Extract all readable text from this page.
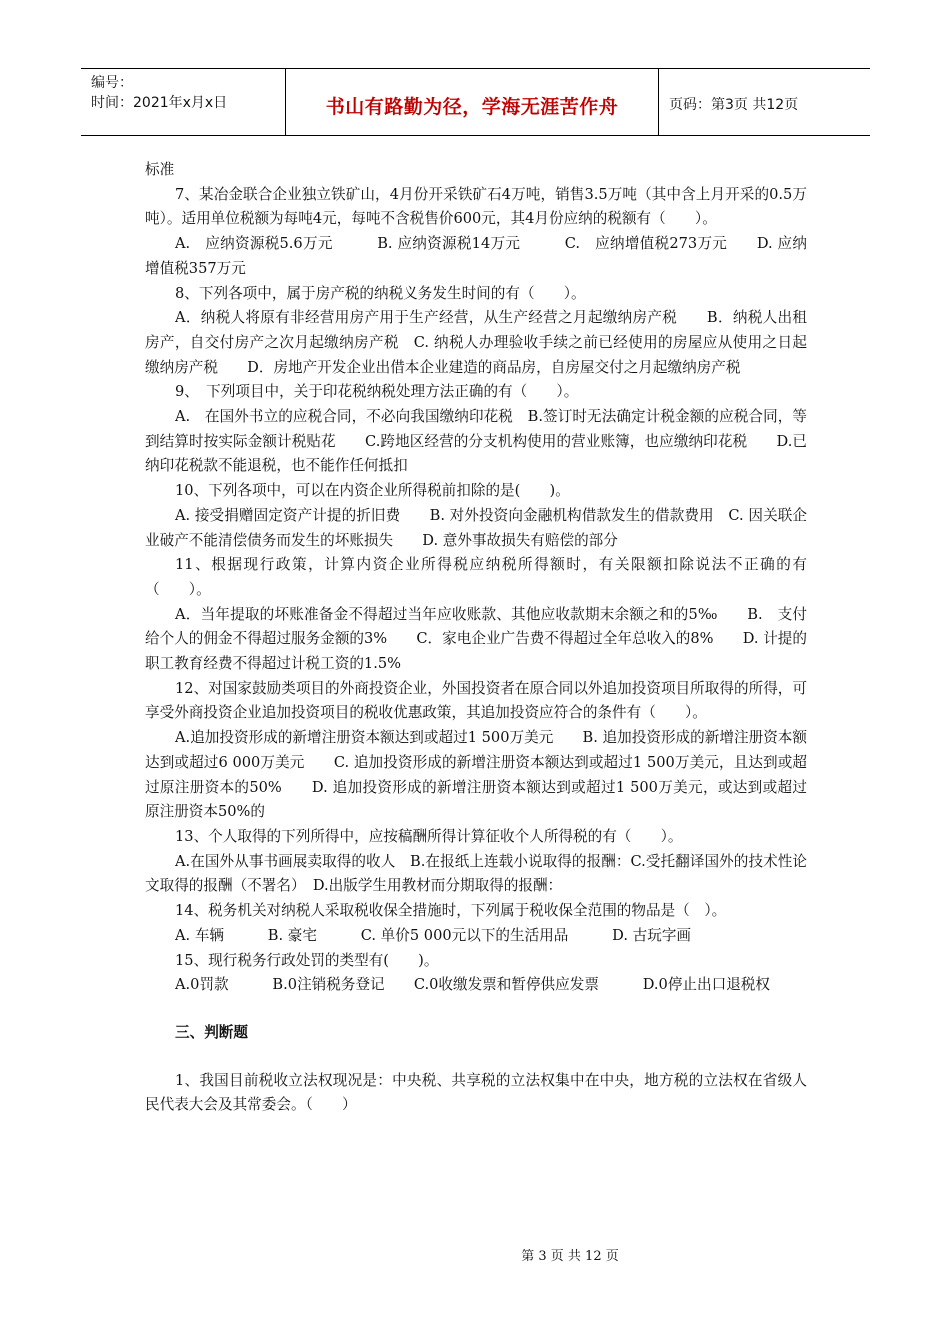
编号：
时间：2021年x月x日	书山有路勤为径，学海无涯苦作舟	页码：第3页 共12页

标准

7、某冶金联合企业独立铁矿山，4月份开采铁矿石4万吨，销售3.5万吨（其中含上月开采的0.5万吨）。适用单位税额为每吨4元，每吨不含税售价600元，其4月份应纳的税额有（　　）。

A.　应纳资源税5.6万元　　　B. 应纳资源税14万元　　　C.　应纳增值税273万元　　D. 应纳增值税357万元

8、下列各项中，属于房产税的纳税义务发生时间的有（　　）。

A．纳税人将原有非经营用房产用于生产经营，从生产经营之月起缴纳房产税　　B．纳税人出租房产，自交付房产之次月起缴纳房产税　C. 纳税人办理验收手续之前已经使用的房屋应从使用之日起缴纳房产税　　D．房地产开发企业出借本企业建造的商品房，自房屋交付之月起缴纳房产税

9、　下列项目中，关于印花税纳税处理方法正确的有（　　）。

A.　在国外书立的应税合同，不必向我国缴纳印花税　B.签订时无法确定计税金额的应税合同，等到结算时按实际金额计税贴花　　C.跨地区经营的分支机构使用的营业账簿，也应缴纳印花税　　D.已纳印花税款不能退税，也不能作任何抵扣

10、下列各项中，可以在内资企业所得税前扣除的是(　　)。

A. 接受捐赠固定资产计提的折旧费　　B. 对外投资向金融机构借款发生的借款费用　C. 因关联企业破产不能清偿债务而发生的坏账损失　　D. 意外事故损失有赔偿的部分

11、根据现行政策，计算内资企业所得税应纳税所得额时，有关限额扣除说法不正确的有（　　）。

A．当年提取的坏账准备金不得超过当年应收账款、其他应收款期末余额之和的5‰　　B.　支付给个人的佣金不得超过服务金额的3%　　C．家电企业广告费不得超过全年总收入的8%　　D. 计提的职工教育经费不得超过计税工资的1.5%

12、对国家鼓励类项目的外商投资企业，外国投资者在原合同以外追加投资项目所取得的所得，可享受外商投资企业追加投资项目的税收优惠政策，其追加投资应符合的条件有（　　）。

A.追加投资形成的新增注册资本额达到或超过1 500万美元　　B. 追加投资形成的新增注册资本额达到或超过6 000万美元　　C. 追加投资形成的新增注册资本额达到或超过1 500万美元，且达到或超过原注册资本的50%　　D. 追加投资形成的新增注册资本额达到或超过1 500万美元，或达到或超过原注册资本50%的

13、个人取得的下列所得中，应按稿酬所得计算征收个人所得税的有（　　）。

A.在国外从事书画展卖取得的收人　B.在报纸上连载小说取得的报酬：C.受托翻译国外的技术性论文取得的报酬（不署名）　D.出版学生用教材而分期取得的报酬：

14、税务机关对纳税人采取税收保全措施时，下列属于税收保全范围的物品是（　）。

A. 车辆　　　B. 豪宅　　　C. 单价5 000元以下的生活用品　　　D. 古玩字画

15、现行税务行政处罚的类型有(　　)。

A.0罚款　　　B.0注销税务登记　　C.0收缴发票和暂停供应发票　　　D.0停止出口退税权

三、判断题

1、我国目前税收立法权现况是：中央税、共享税的立法权集中在中央，地方税的立法权在省级人民代表大会及其常委会。（　　）

第 3 页 共 12 页
